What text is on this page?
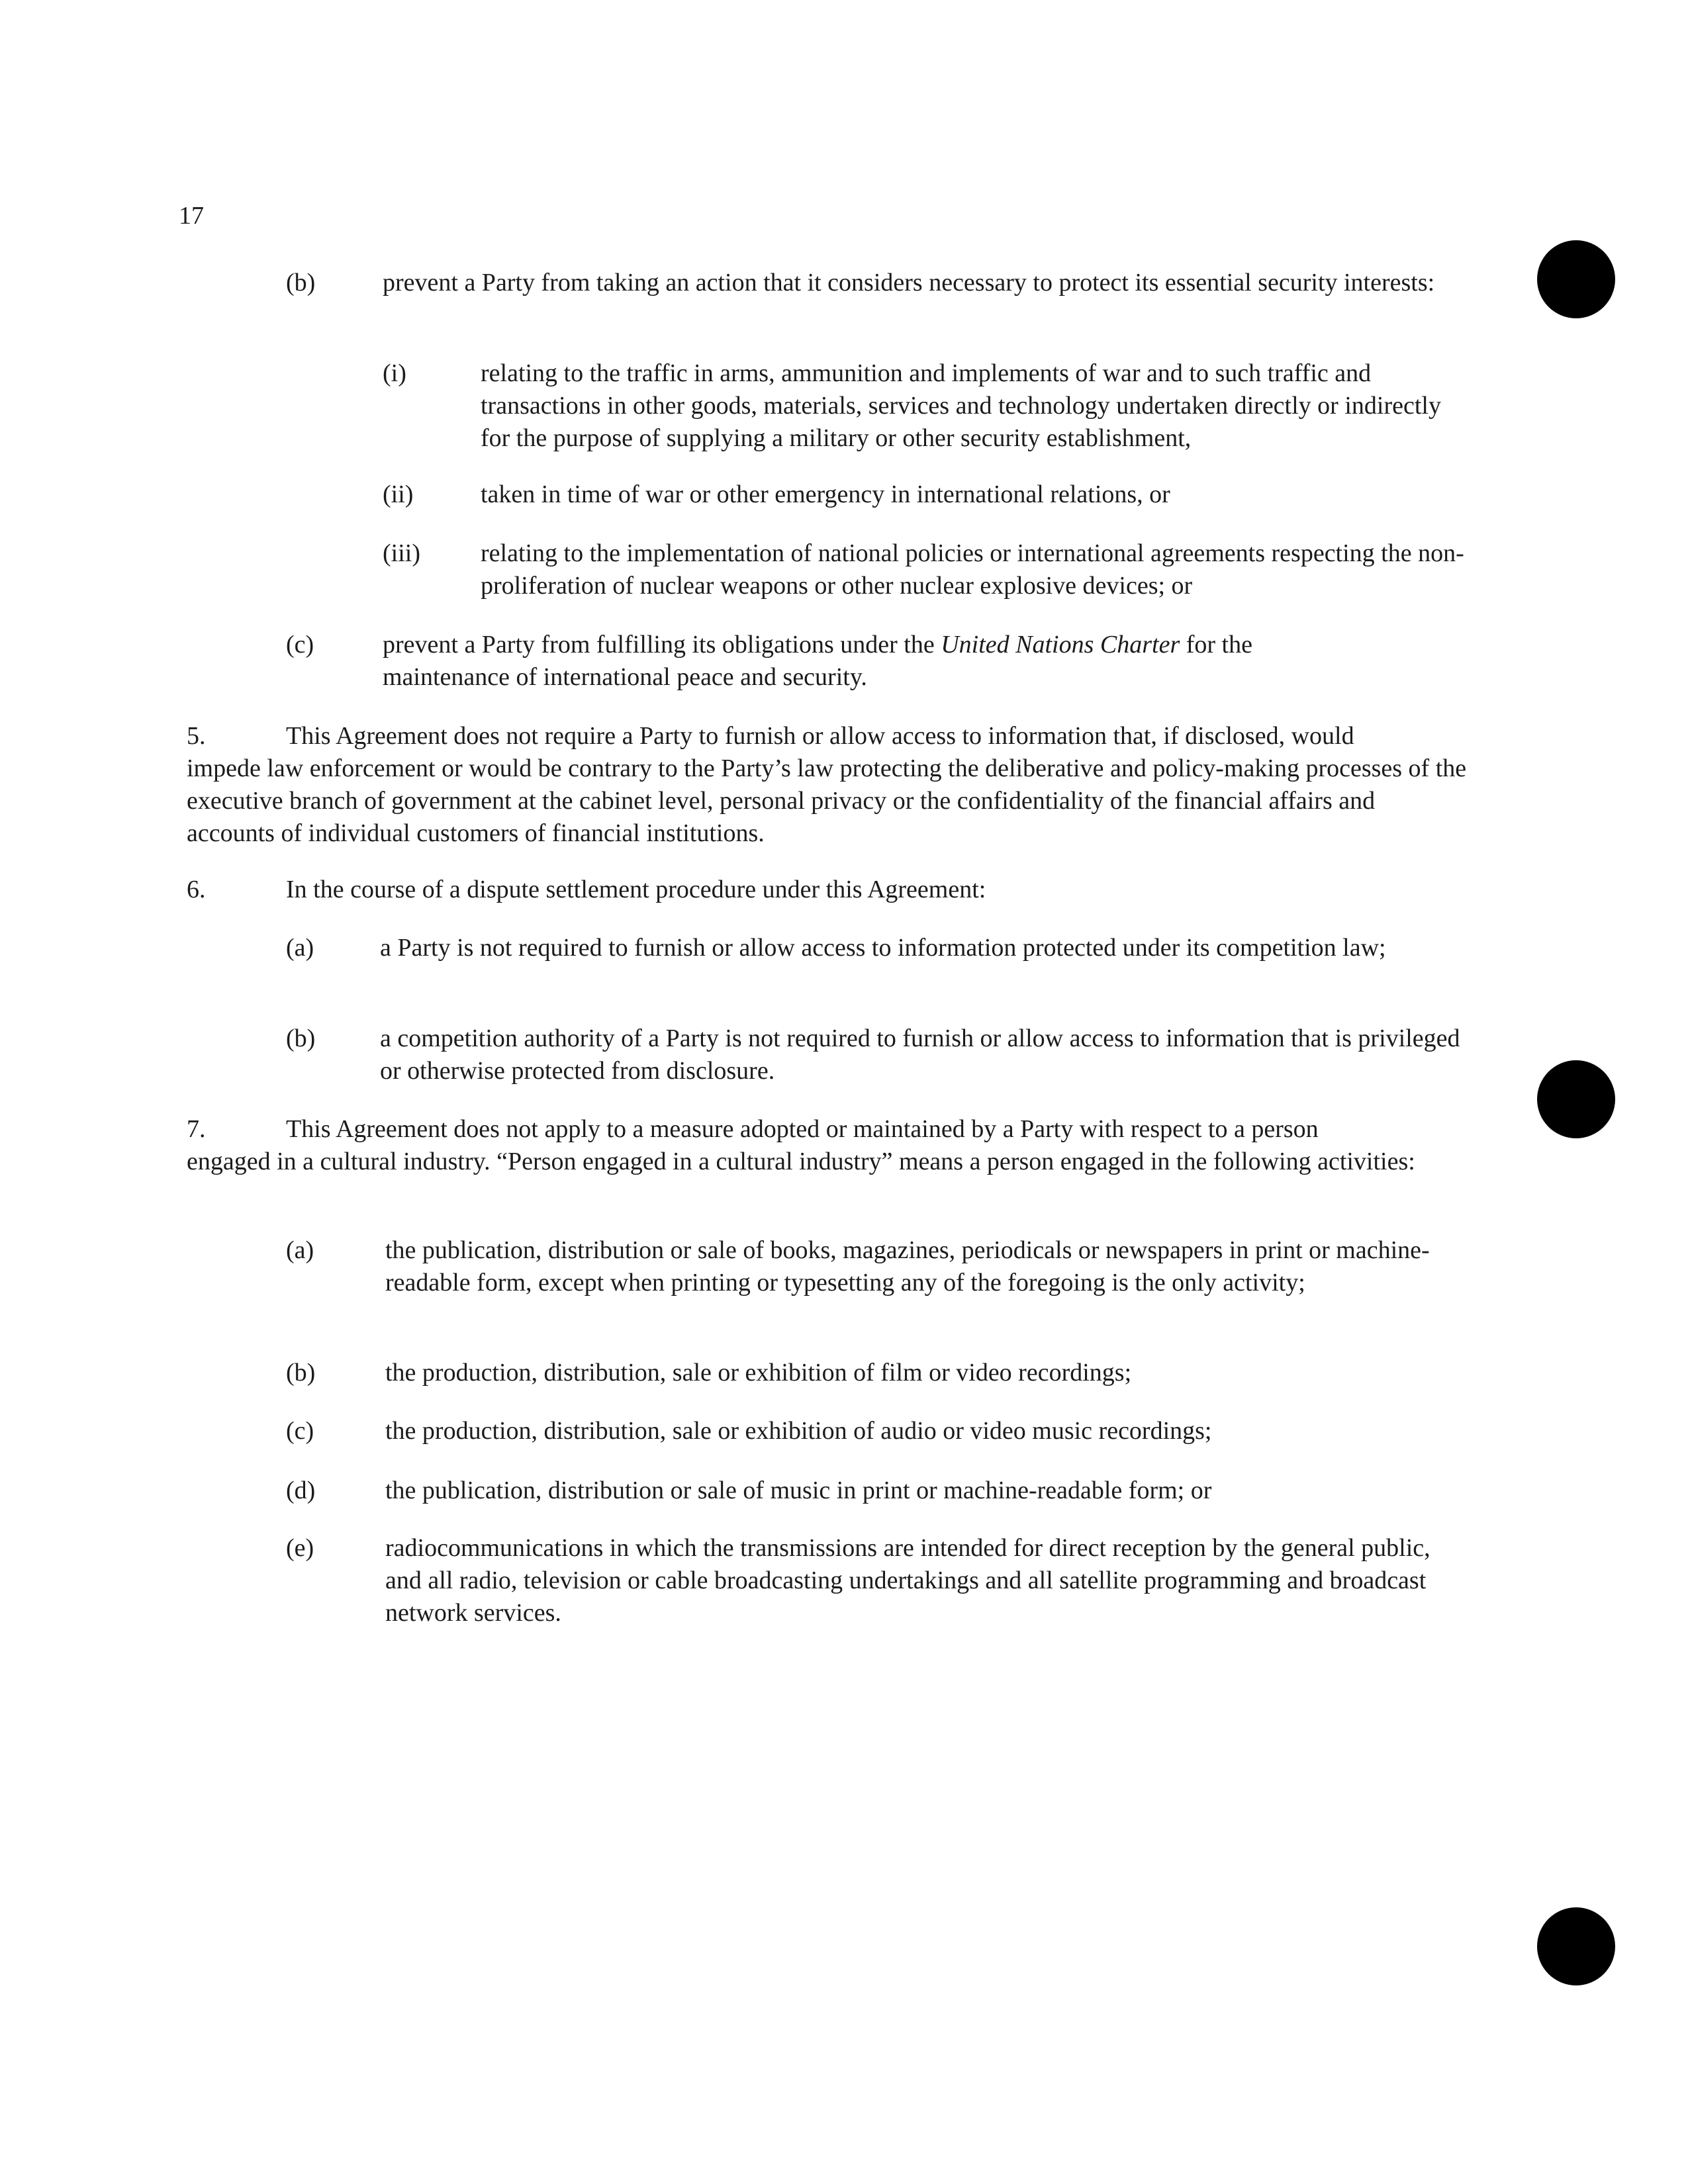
17
(b)	prevent a Party from taking an action that it considers necessary to protect its essential security interests:

(i)	relating to the traffic in arms, ammunition and implements of war and to such traffic and transactions in other goods, materials, services and technology undertaken directly or indirectly for the purpose of supplying a military or other security establishment,

(ii)	taken in time of war or other emergency in international relations, or

(iii) relating to the implementation of national policies or international agreements respecting the non-proliferation of nuclear weapons or other nuclear explosive devices; or

(c)	prevent a Party from fulfilling its obligations under the United Nations Charter for the maintenance of international peace and security.

5.	This Agreement does not require a Party to furnish or allow access to information that, if disclosed, would

impede law enforcement or would be contrary to the Party’s law protecting the deliberative and policy-making processes of the executive branch of government at the cabinet level, personal privacy or the confidentiality of the financial affairs and accounts of individual customers of financial institutions.

6.	In the course of a dispute settlement procedure under this Agreement:
(a)	a Party is not required to furnish or allow access to information protected under its competition law;

(b)	a competition authority of a Party is not required to furnish or allow access to information that is privileged or otherwise protected from disclosure.

7.	This Agreement does not apply to a measure adopted or maintained by a Party with respect to a person

engaged in a cultural industry. “Person engaged in a cultural industry” means a person engaged in the following activities:

(a)	the publication, distribution or sale of books, magazines, periodicals or newspapers in print or machine-readable form, except when printing or typesetting any of the foregoing is the only activity;

(b)	the production, distribution, sale or exhibition of film or video recordings;

(c)	the production, distribution, sale or exhibition of audio or video music recordings;

(d)	the publication, distribution or sale of music in print or machine-readable form; or

(e)	radiocommunications in which the transmissions are intended for direct reception by the general public, and all radio, television or cable broadcasting undertakings and all satellite programming and broadcast network services.
